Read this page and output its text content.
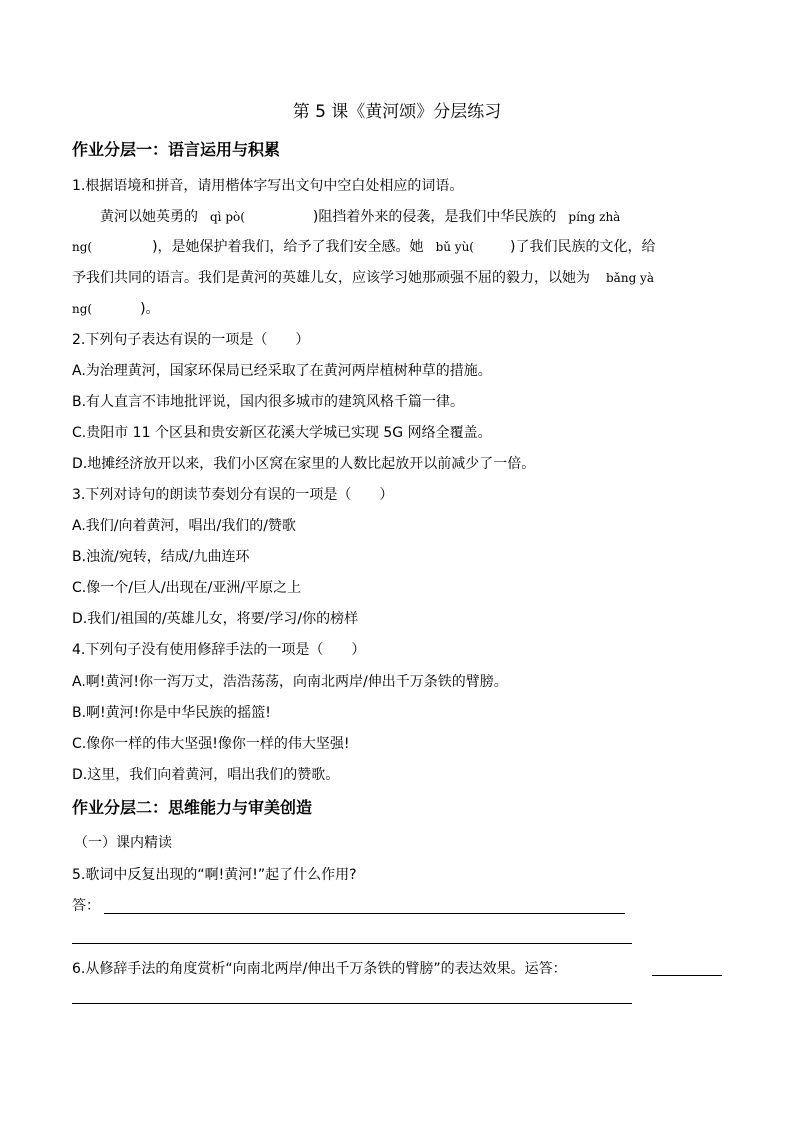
第 5 课《黄河颂》分层练习
作业分层一：语言运用与积累
1.根据语境和拼音，请用楷体字写出文句中空白处相应的词语。
黄河以她英勇的 qì pò(	)阻挡着外来的侵袭，是我们中华民族的 píng zhà
ng(	)，是她保护着我们，给予了我们安全感。她 bǔ yù(	)了我们民族的文化，给
予我们共同的语言。我们是黄河的英雄儿女，应该学习她那顽强不屈的毅力，以她为 bǎng yà
ng(	)。
2.下列句子表达有误的一项是（　　）
A.为治理黄河，国家环保局已经采取了在黄河两岸植树种草的措施。
B.有人直言不讳地批评说，国内很多城市的建筑风格千篇一律。
C.贵阳市 11 个区县和贵安新区花溪大学城已实现 5G 网络全覆盖。
D.地摊经济放开以来，我们小区窝在家里的人数比起放开以前减少了一倍。
3.下列对诗句的朗读节奏划分有误的一项是（　　）
A.我们/向着黄河，唱出/我们的/赞歌
B.浊流/宛转，结成/九曲连环
C.像一个/巨人/出现在/亚洲/平原之上
D.我们/祖国的/英雄儿女，将要/学习/你的榜样
4.下列句子没有使用修辞手法的一项是（　　）
A.啊!黄河!你一泻万丈，浩浩荡荡，向南北两岸/伸出千万条铁的臂膀。
B.啊!黄河!你是中华民族的摇篮!
C.像你一样的伟大坚强!像你一样的伟大坚强!
D.这里，我们向着黄河，唱出我们的赞歌。
作业分层二：思维能力与审美创造
（一）课内精读
5.歌词中反复出现的“啊!黄河!”起了什么作用?
答：
6.从修辞手法的角度赏析“向南北两岸/伸出千万条铁的臂膀”的表达效果。运答：
